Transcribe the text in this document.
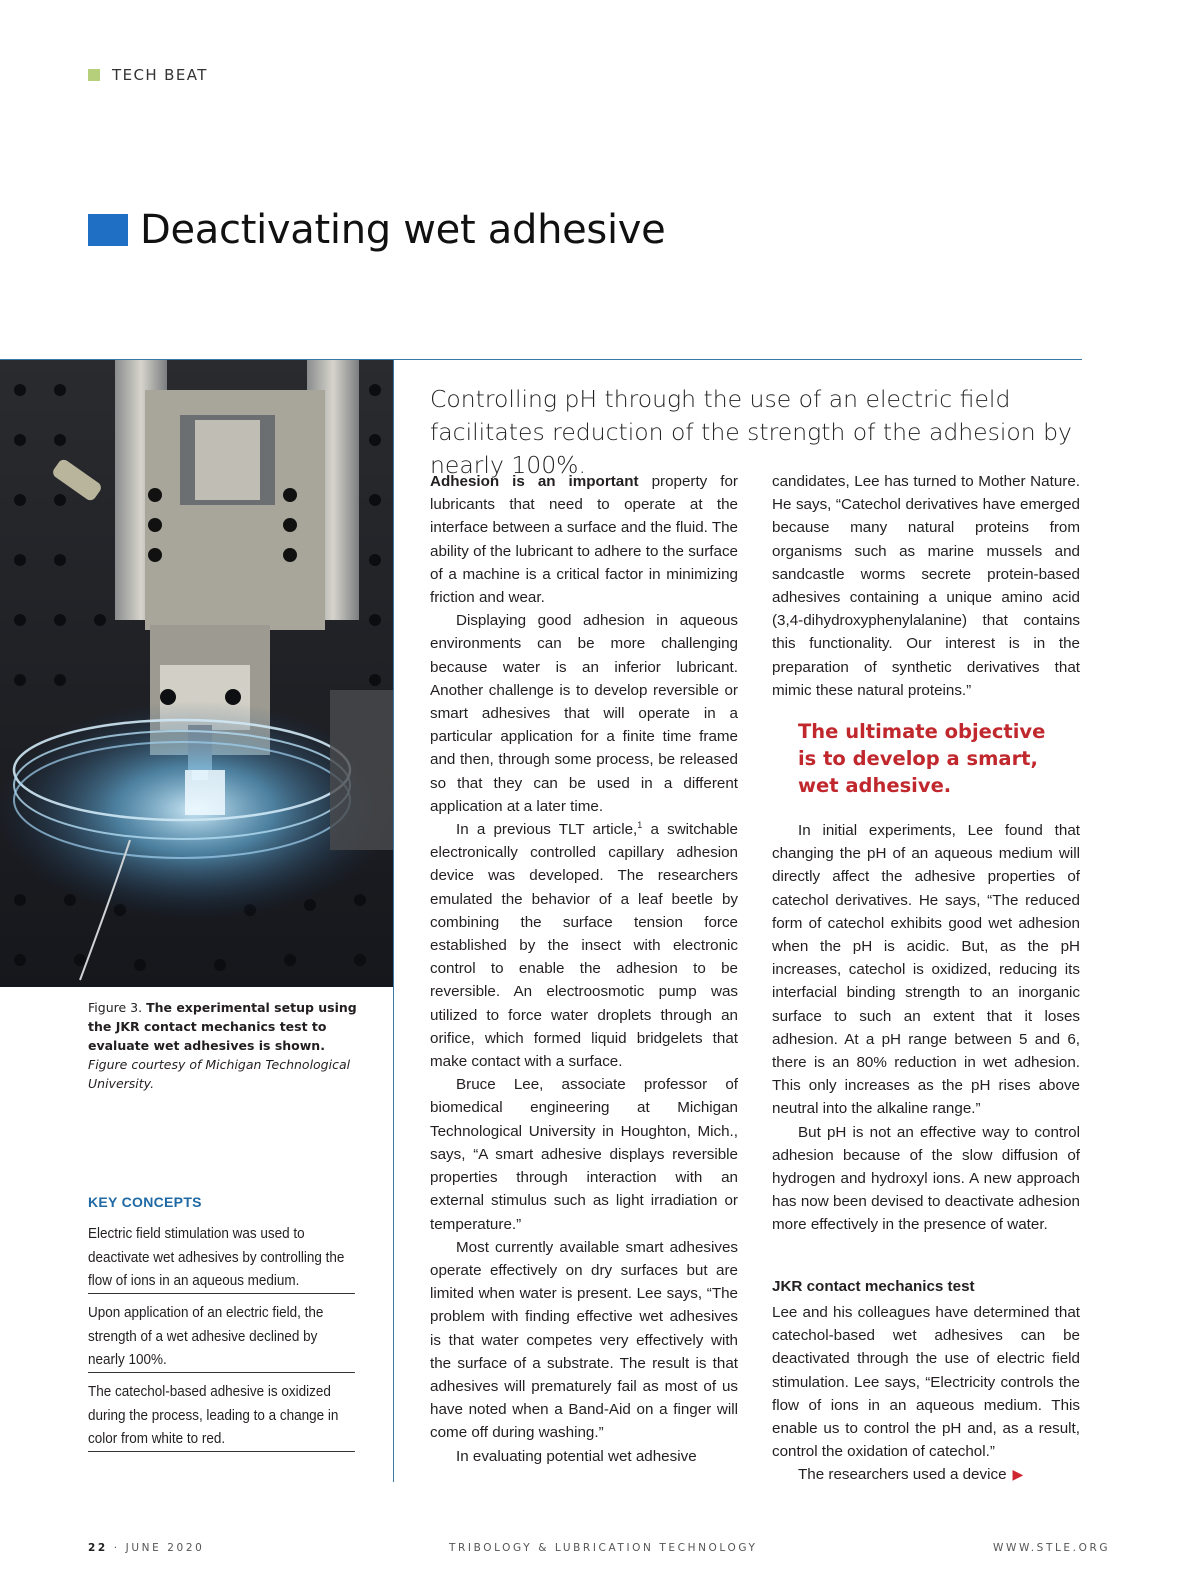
TECH BEAT
Deactivating wet adhesive
Figure 3. The experimental setup using the JKR contact mechanics test to evaluate wet adhesives is shown. Figure courtesy of Michigan Technological University.
KEY CONCEPTS
Electric field stimulation was used to deactivate wet adhesives by controlling the flow of ions in an aqueous medium.
Upon application of an electric field, the strength of a wet adhesive declined by nearly 100%.
The catechol-based adhesive is oxidized during the process, leading to a change in color from white to red.
Controlling pH through the use of an electric field facilitates reduction of the strength of the adhesion by nearly 100%.

Adhesion is an important property for lubricants that need to operate at the interface between a surface and the fluid. The ability of the lubricant to adhere to the surface of a machine is a critical factor in minimizing friction and wear.

Displaying good adhesion in aqueous environments can be more challenging because water is an inferior lubricant. Another challenge is to develop reversible or smart adhesives that will operate in a particular application for a finite time frame and then, through some process, be released so that they can be used in a different application at a later time.

In a previous TLT article,$^1$ a switchable electronically controlled capillary adhesion device was developed. The researchers emulated the behavior of a leaf beetle by combining the surface tension force established by the insect with electronic control to enable the adhesion to be reversible. An electroosmotic pump was utilized to force water droplets through an orifice, which formed liquid bridgelets that make contact with a surface.

Bruce Lee, associate professor of biomedical engineering at Michigan Technological University in Houghton, Mich., says, “A smart adhesive displays reversible properties through interaction with an external stimulus such as light irradiation or temperature.”

Most currently available smart adhesives operate effectively on dry surfaces but are limited when water is present. Lee says, “The problem with finding effective wet adhesives is that water competes very effectively with the surface of a substrate. The result is that adhesives will prematurely fail as most of us have noted when a Band-Aid on a finger will come off during washing.”

In evaluating potential wet adhesive

candidates, Lee has turned to Mother Nature. He says, “Catechol derivatives have emerged because many natural proteins from organisms such as marine mussels and sandcastle worms secrete protein-based adhesives containing a unique amino acid (3,4-dihydroxyphenylalanine) that contains this functionality. Our interest is in the preparation of synthetic derivatives that mimic these natural proteins.”

The ultimate objective is to develop a smart, wet adhesive.

In initial experiments, Lee found that changing the pH of an aqueous medium will directly affect the adhesive properties of catechol derivatives. He says, “The reduced form of catechol exhibits good wet adhesion when the pH is acidic. But, as the pH increases, catechol is oxidized, reducing its interfacial binding strength to an inorganic surface to such an extent that it loses adhesion. At a pH range between 5 and 6, there is an 80% reduction in wet adhesion. This only increases as the pH rises above neutral into the alkaline range.”

But pH is not an effective way to control adhesion because of the slow diffusion of hydrogen and hydroxyl ions. A new approach has now been devised to deactivate adhesion more effectively in the presence of water.

JKR contact mechanics test

Lee and his colleagues have determined that catechol-based wet adhesives can be deactivated through the use of electric field stimulation. Lee says, “Electricity controls the flow of ions in an aqueous medium. This enable us to control the pH and, as a result, control the oxidation of catechol.”

The researchers used a device ▶

22 · JUNE 2020	TRIBOLOGY & LUBRICATION TECHNOLOGY	WWW.STLE.ORG
